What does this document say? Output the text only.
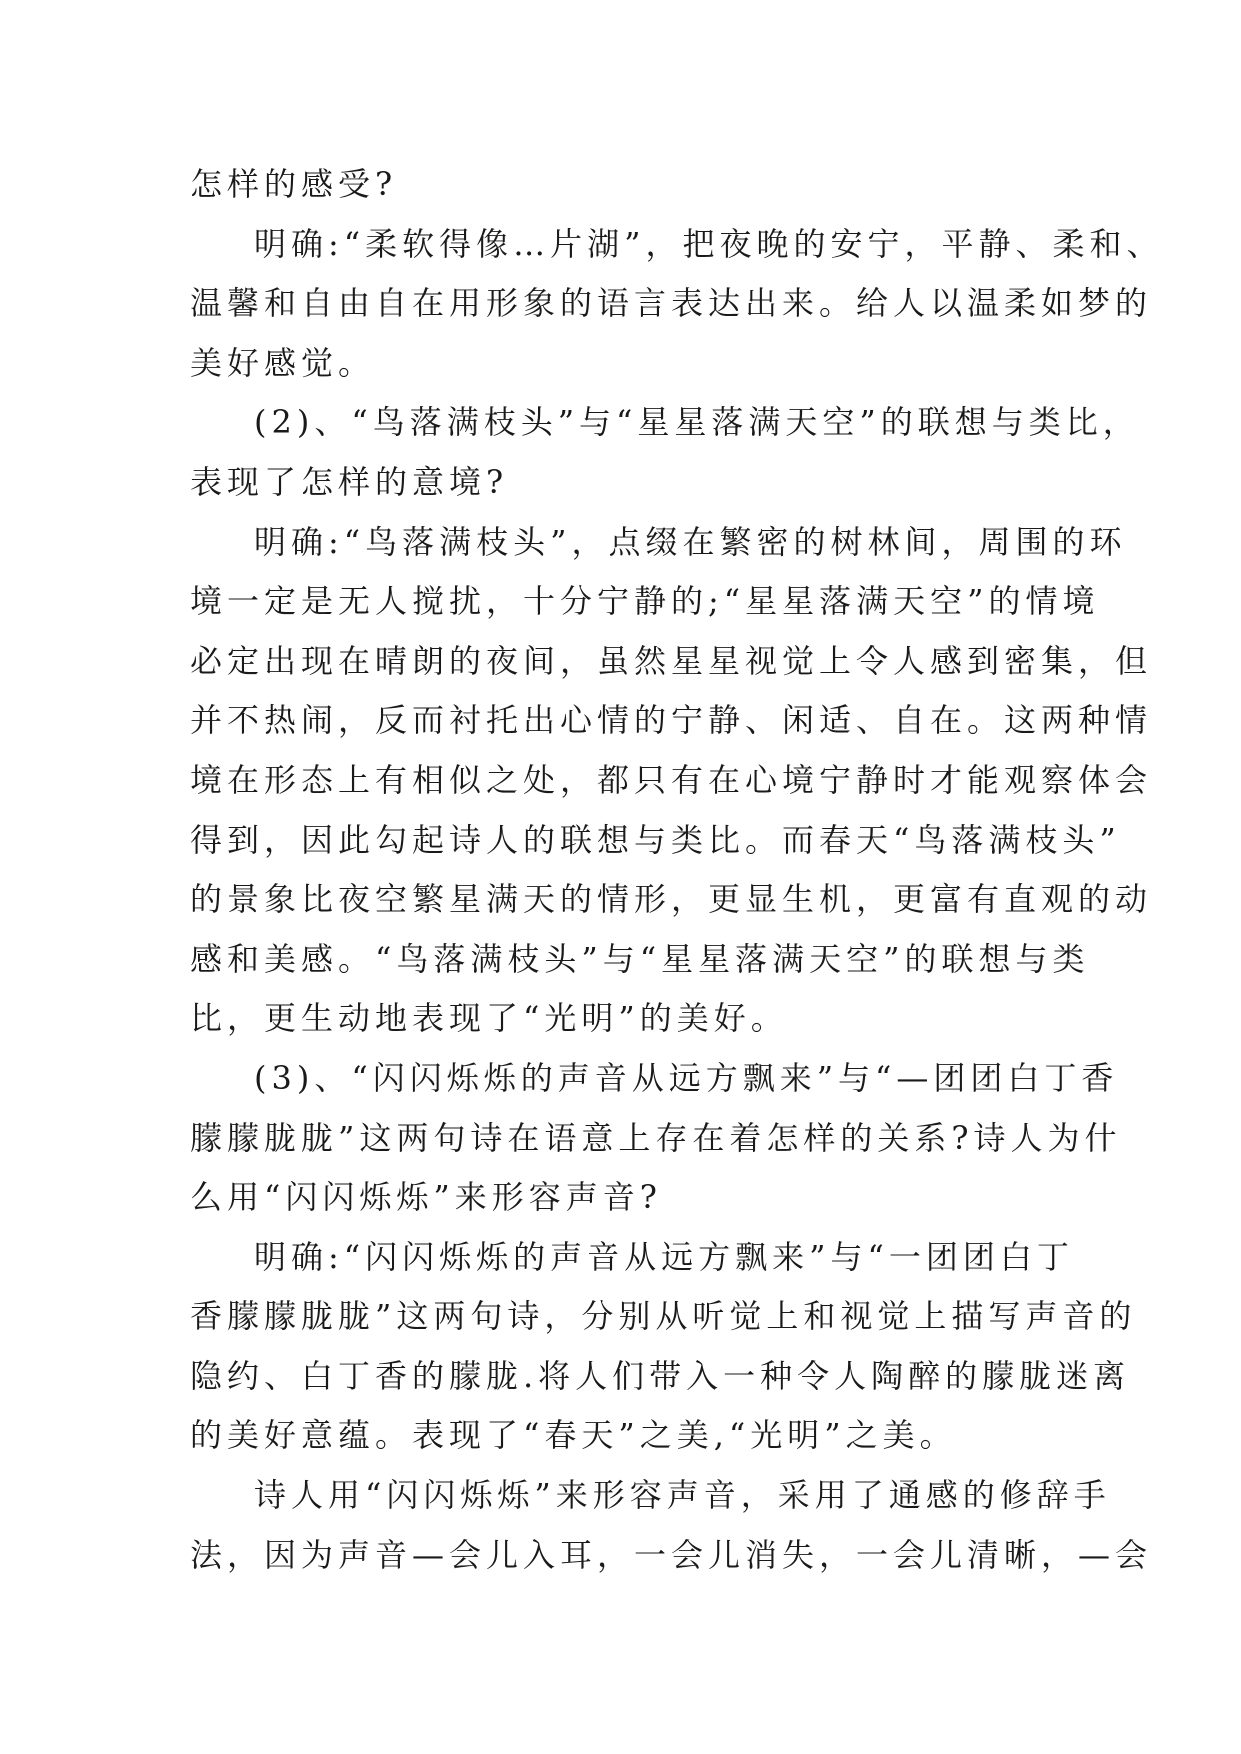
怎样的感受?

明确:“柔软得像…片湖”，把夜晚的安宁，平静、柔和、
温馨和自由自在用形象的语言表达出来。给人以温柔如梦的
美好感觉。

(2)、“鸟落满枝头”与“星星落满天空”的联想与类比，
表现了怎样的意境?

明确:“鸟落满枝头”，点缀在繁密的树林间，周围的环
境一定是无人搅扰，十分宁静的;“星星落满天空”的情境
必定出现在晴朗的夜间，虽然星星视觉上令人感到密集，但
并不热闹，反而衬托出心情的宁静、闲适、自在。这两种情
境在形态上有相似之处，都只有在心境宁静时才能观察体会
得到，因此勾起诗人的联想与类比。而春天“鸟落满枝头”
的景象比夜空繁星满天的情形，更显生机，更富有直观的动
感和美感。“鸟落满枝头”与“星星落满天空”的联想与类
比，更生动地表现了“光明”的美好。

(3)、“闪闪烁烁的声音从远方飘来”与“—团团白丁香
朦朦胧胧”这两句诗在语意上存在着怎样的关系?诗人为什
么用“闪闪烁烁”来形容声音?

明确:“闪闪烁烁的声音从远方飘来”与“一团团白丁
香朦朦胧胧”这两句诗，分别从听觉上和视觉上描写声音的
隐约、白丁香的朦胧.将人们带入一种令人陶醉的朦胧迷离
的美好意蕴。表现了“春天”之美,“光明”之美。

诗人用“闪闪烁烁”来形容声音，采用了通感的修辞手
法，因为声音—会儿入耳，一会儿消失，一会儿清晰，—会
